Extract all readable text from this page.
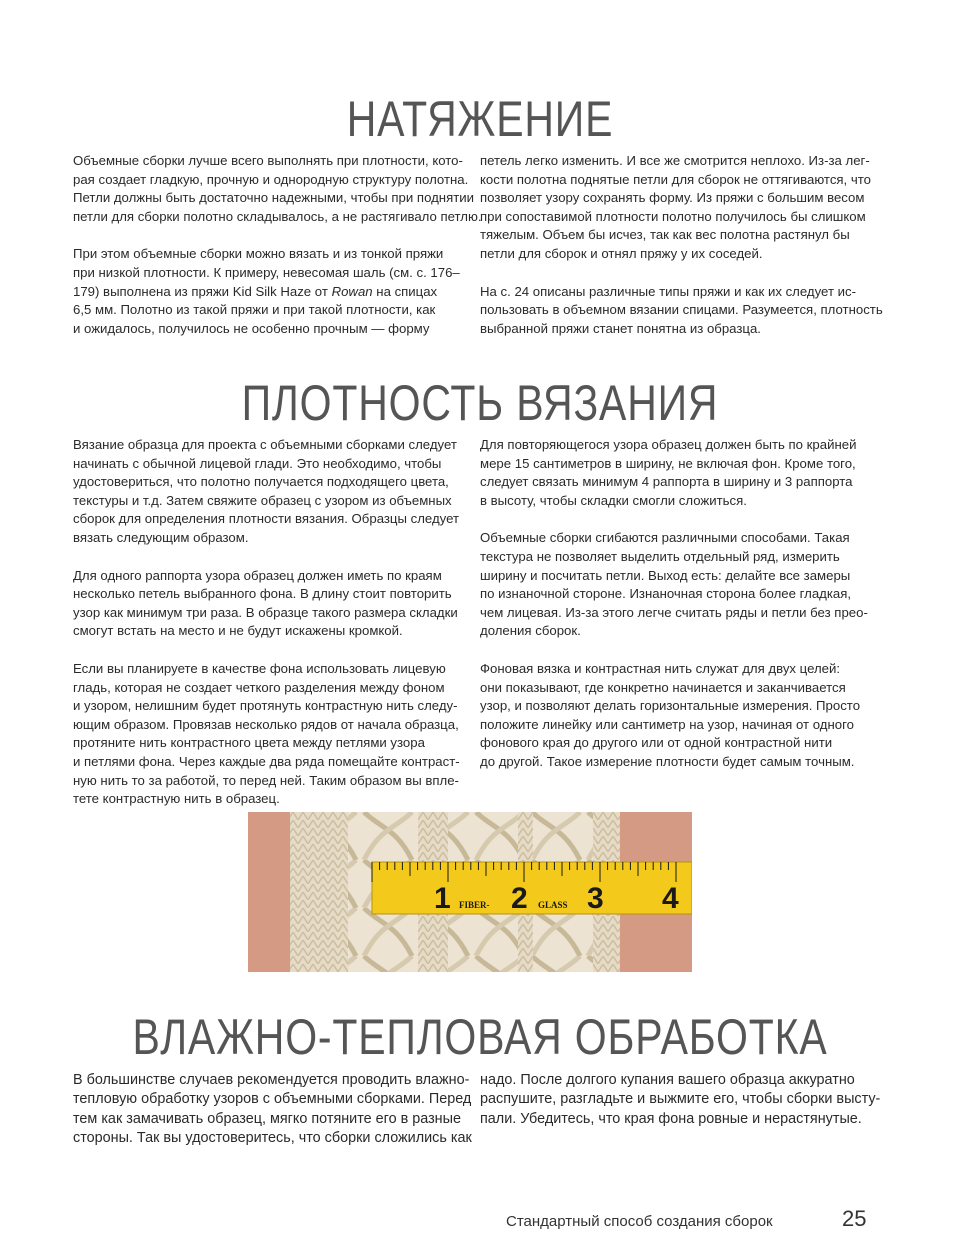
НАТЯЖЕНИЕ

Объемные сборки лучше всего выполнять при плотности, кото-
рая создает гладкую, прочную и однородную структуру полотна.
Петли должны быть достаточно надежными, чтобы при поднятии
петли для сборки полотно складывалось, а не растягивало петлю.

При этом объемные сборки можно вязать и из тонкой пряжи
при низкой плотности. К примеру, невесомая шаль (см. с. 176–
179) выполнена из пряжи Kid Silk Haze от Rowan на спицах
6,5 мм. Полотно из такой пряжи и при такой плотности, как
и ожидалось, получилось не особенно прочным — форму

петель легко изменить. И все же смотрится неплохо. Из-за лег-
кости полотна поднятые петли для сборок не оттягиваются, что
позволяет узору сохранять форму. Из пряжи с большим весом
при сопоставимой плотности полотно получилось бы слишком
тяжелым. Объем бы исчез, так как вес полотна растянул бы
петли для сборок и отнял пряжу у их соседей.

На с. 24 описаны различные типы пряжи и как их следует ис-
пользовать в объемном вязании спицами. Разумеется, плотность
выбранной пряжи станет понятна из образца.

ПЛОТНОСТЬ ВЯЗАНИЯ

Вязание образца для проекта с объемными сборками следует
начинать с обычной лицевой глади. Это необходимо, чтобы
удостовериться, что полотно получается подходящего цвета,
текстуры и т.д. Затем свяжите образец с узором из объемных
сборок для определения плотности вязания. Образцы следует
вязать следующим образом.

Для одного раппорта узора образец должен иметь по краям
несколько петель выбранного фона. В длину стоит повторить
узор как минимум три раза. В образце такого размера складки
смогут встать на место и не будут искажены кромкой.

Если вы планируете в качестве фона использовать лицевую
гладь, которая не создает четкого разделения между фоном
и узором, нелишним будет протянуть контрастную нить следу-
ющим образом. Провязав несколько рядов от начала образца,
протяните нить контрастного цвета между петлями узора
и петлями фона. Через каждые два ряда помещайте контраст-
ную нить то за работой, то перед ней. Таким образом вы вплe-
тете контрастную нить в образец.

Для повторяющегося узора образец должен быть по крайней
мере 15 сантиметров в ширину, не включая фон. Кроме того,
следует связать минимум 4 раппорта в ширину и 3 раппорта
в высоту, чтобы складки смогли сложиться.

Объемные сборки сгибаются различными способами. Такая
текстура не позволяет выделить отдельный ряд, измерить
ширину и посчитать петли. Выход есть: делайте все замеры
по изнаночной стороне. Изнаночная сторона более гладкая,
чем лицевая. Из-за этого легче считать ряды и петли без прео-
доления сборок.

Фоновая вязка и контрастная нить служат для двух целей:
они показывают, где конкретно начинается и заканчивается
узор, и позволяют делать горизонтальные измерения. Просто
положите линейку или сантиметр на узор, начиная от одного
фонового края до другого или от одной контрастной нити
до другой. Такое измерение плотности будет самым точным.

1 2 3 4
FIBER-	GLASS
ВЛАЖНО-ТЕПЛОВАЯ ОБРАБОТКА

В большинстве случаев рекомендуется проводить влажно-
тепловую обработку узоров с объемными сборками. Перед
тем как замачивать образец, мягко потяните его в разные
стороны. Так вы удостоверитесь, что сборки сложились как

надо. После долгого купания вашего образца аккуратно
распушите, разгладьте и выжмите его, чтобы сборки высту-
пали. Убедитесь, что края фона ровные и нерастянутые.

Стандартный способ создания сборок	25
